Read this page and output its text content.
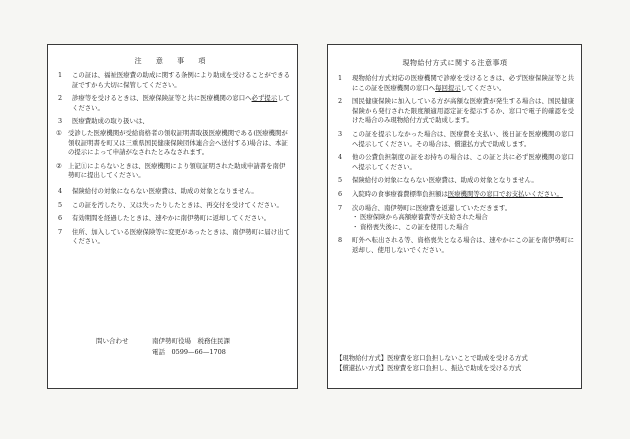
注 意 事 項
1	この証は、福祉医療費の助成に関する条例により助成を受けることができる証ですから大切に保管してください。
2	診療等を受けるときは、医療保険証等と共に医療機関の窓口へ必ず提示してください。
3	医療費助成の取り扱いは、
① 受診した医療機関が受給資格者の領収証明書取扱医療機関である(医療機関が領収証明書を町又は三重県国民健康保険団体連合会へ送付する)場合は、本証の提示によって申請がなされたとみなされます。
② 上記①によらないときは、医療機関により領収証明された助成申請書を南伊勢町に提出してください。
4	保険給付の対象にならない医療費は、助成の対象となりません。
5	この証を汚したり、又は失ったりしたときは、再交付を受けてください。
6	有効期間を経過したときは、速やかに南伊勢町に返却してください。
7	住所、加入している医療保険等に変更があったときは、南伊勢町に届け出てください。
問い合わせ	南伊勢町役場　税務住民課
電話　0599—66—1708
現物給付方式に関する注意事項
1	現物給付方式対応の医療機関で診療を受けるときは、必ず医療保険証等と共にこの証を医療機関の窓口へ毎回提示してください。
2	国民健康保険に加入している方が高額な医療費が発生する場合は、国民健康保険から発行された限度額適用認定証を提示するか、窓口で電子的確認を受けた場合のみ現物給付方式で助成します。
3	この証を提示しなかった場合は、医療費を支払い、後日証を医療機関の窓口へ提示してください。その場合は、償還払方式で助成します。
4	他の公費負担制度の証をお持ちの場合は、この証と共に必ず医療機関の窓口へ提示してください。
5	保険給付の対象にならない医療費は、助成の対象となりません。
6	入院時の食事療養費標準負担額は医療機関等の窓口でお支払いください。
7	次の場合、南伊勢町に医療費を返還していただきます。
・ 医療保険から高額療養費等が支給された場合
・ 資格喪失後に、この証を使用した場合
8	町外へ転出される等、資格喪失となる場合は、速やかにこの証を南伊勢町に返却し、使用しないでください。
【現物給付方式】医療費を窓口負担しないことで助成を受ける方式
【償還払い方式】医療費を窓口負担し、振込で助成を受ける方式
